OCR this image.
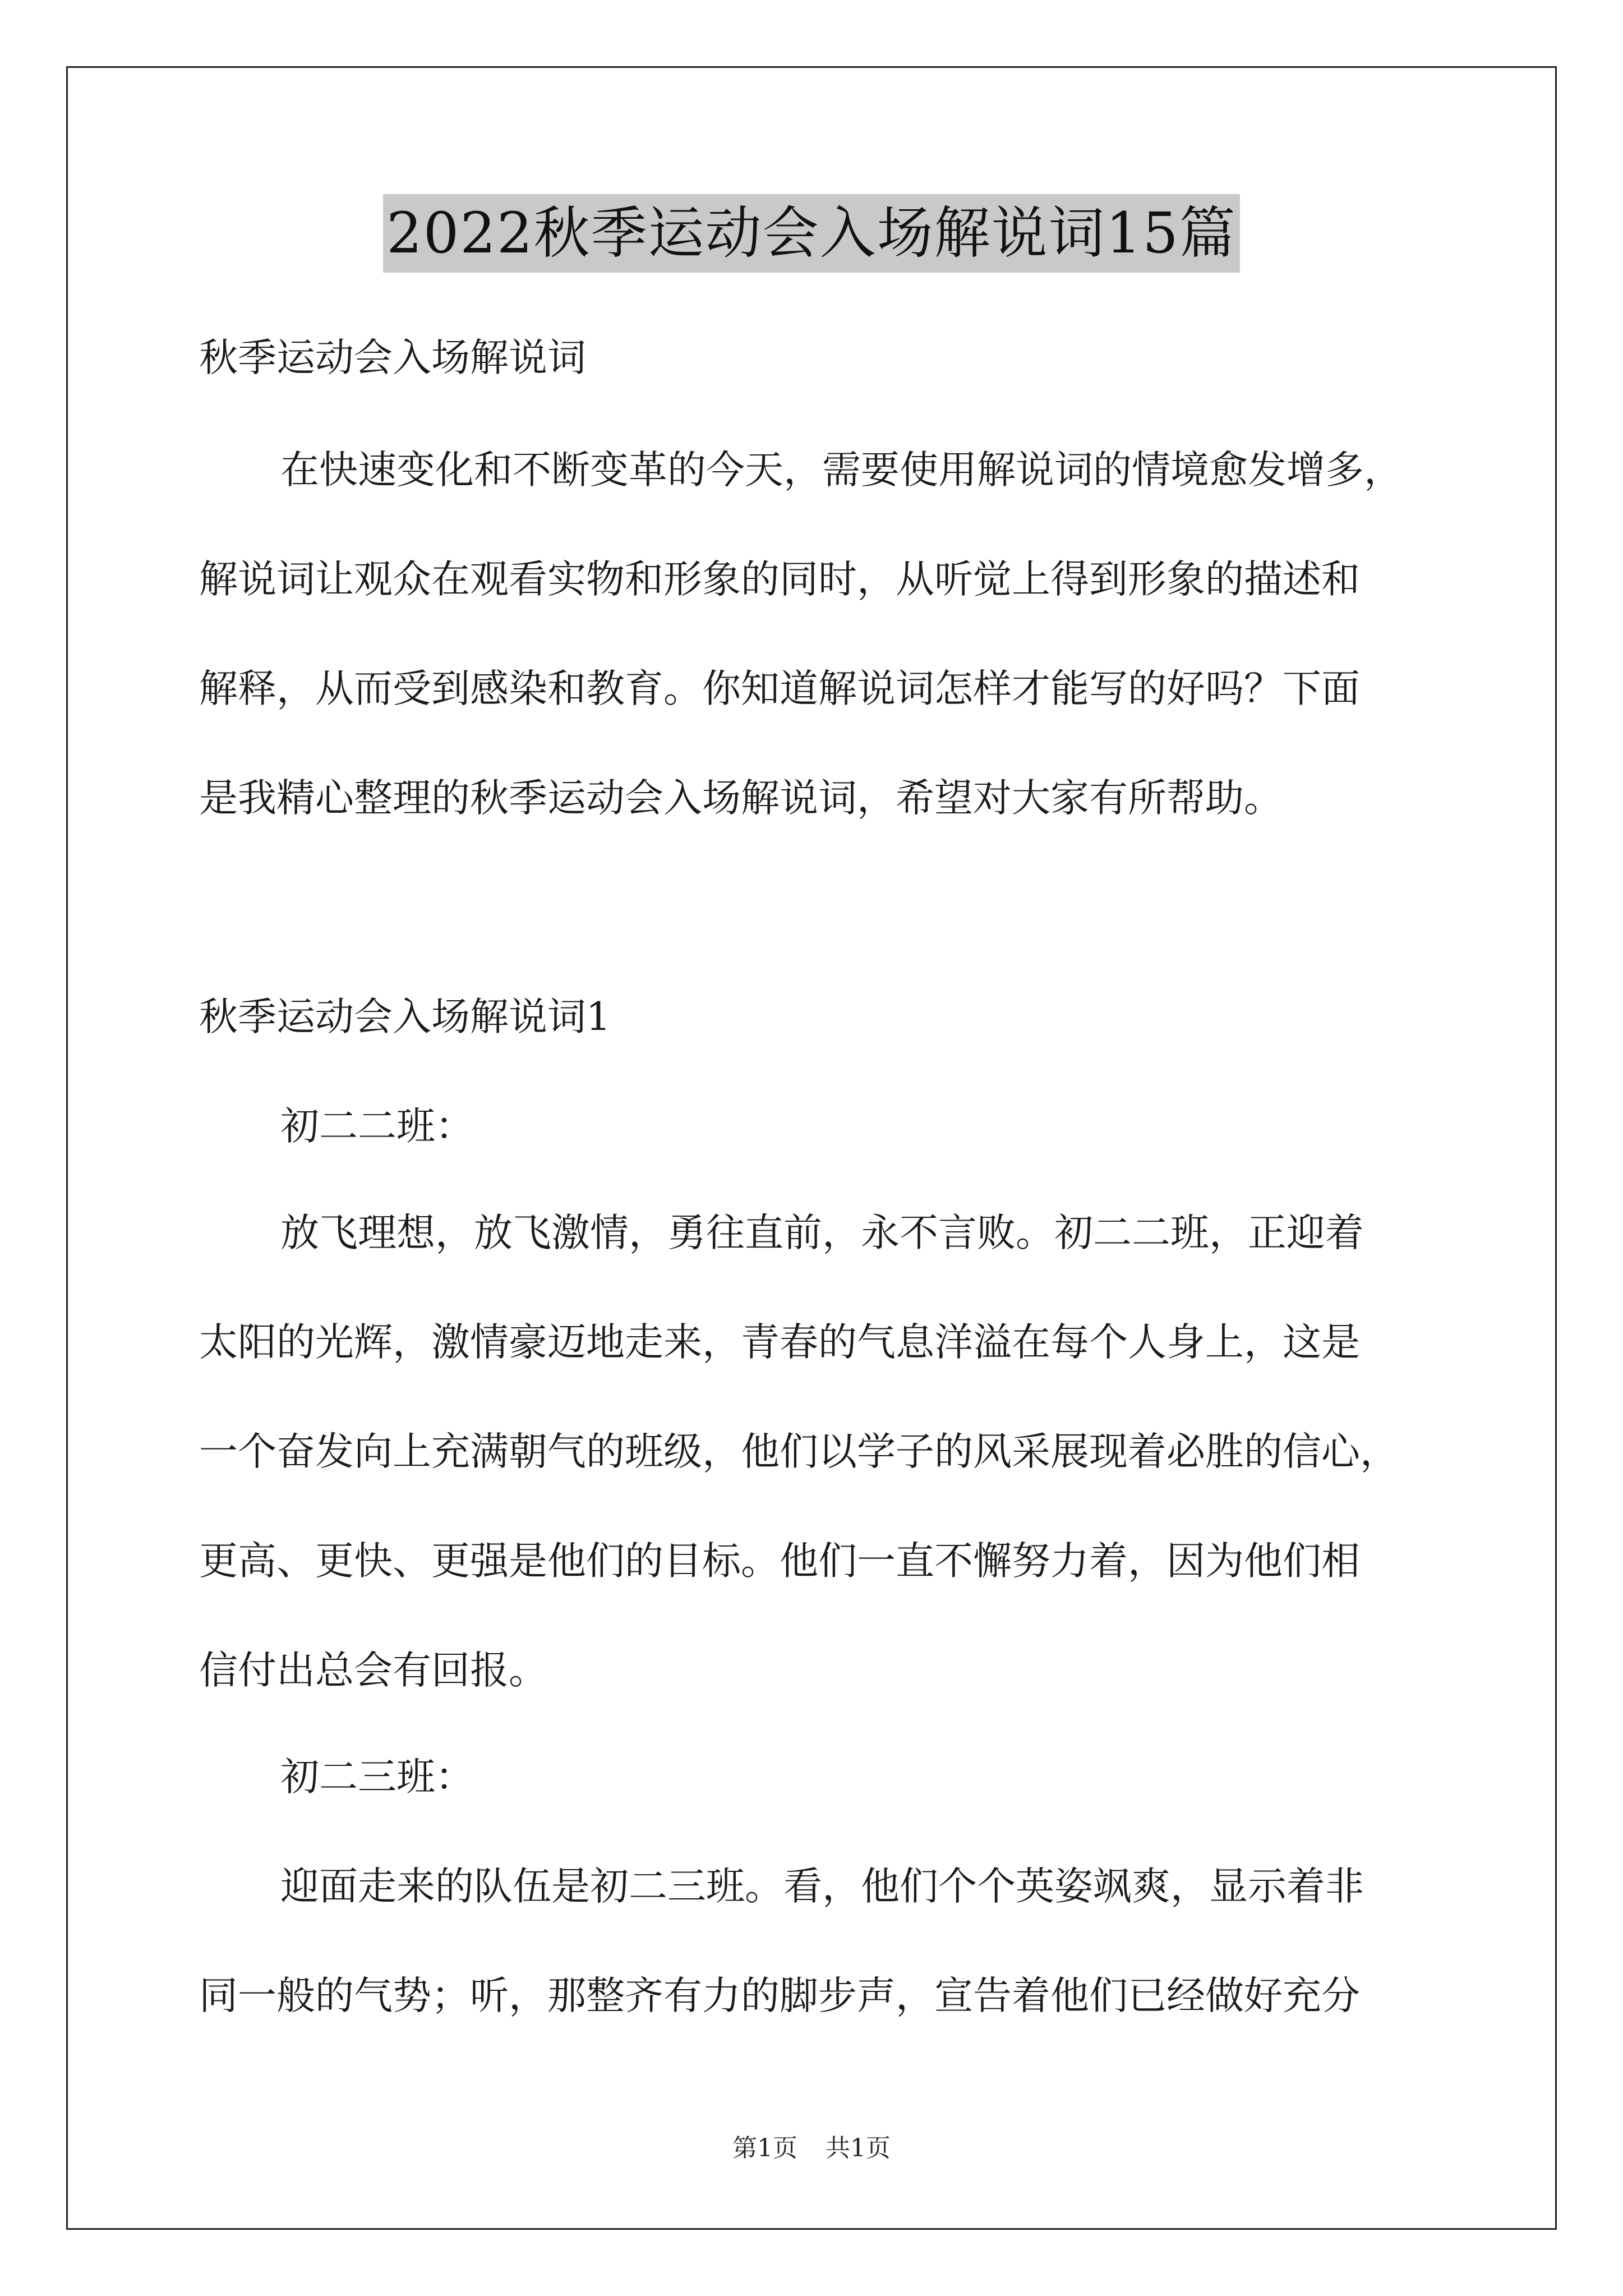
2022秋季运动会入场解说词15篇
秋季运动会入场解说词
在快速变化和不断变革的今天，需要使用解说词的情境愈发增多，
解说词让观众在观看实物和形象的同时，从听觉上得到形象的描述和
解释，从而受到感染和教育。你知道解说词怎样才能写的好吗？下面
是我精心整理的秋季运动会入场解说词，希望对大家有所帮助。
秋季运动会入场解说词1
初二二班：
放飞理想，放飞激情，勇往直前，永不言败。初二二班，正迎着
太阳的光辉，激情豪迈地走来，青春的气息洋溢在每个人身上，这是
一个奋发向上充满朝气的班级，他们以学子的风采展现着必胜的信心，
更高、更快、更强是他们的目标。他们一直不懈努力着，因为他们相
信付出总会有回报。
初二三班：
迎面走来的队伍是初二三班。看，他们个个英姿飒爽，显示着非
同一般的气势；听，那整齐有力的脚步声，宣告着他们已经做好充分
第1页 共1页
